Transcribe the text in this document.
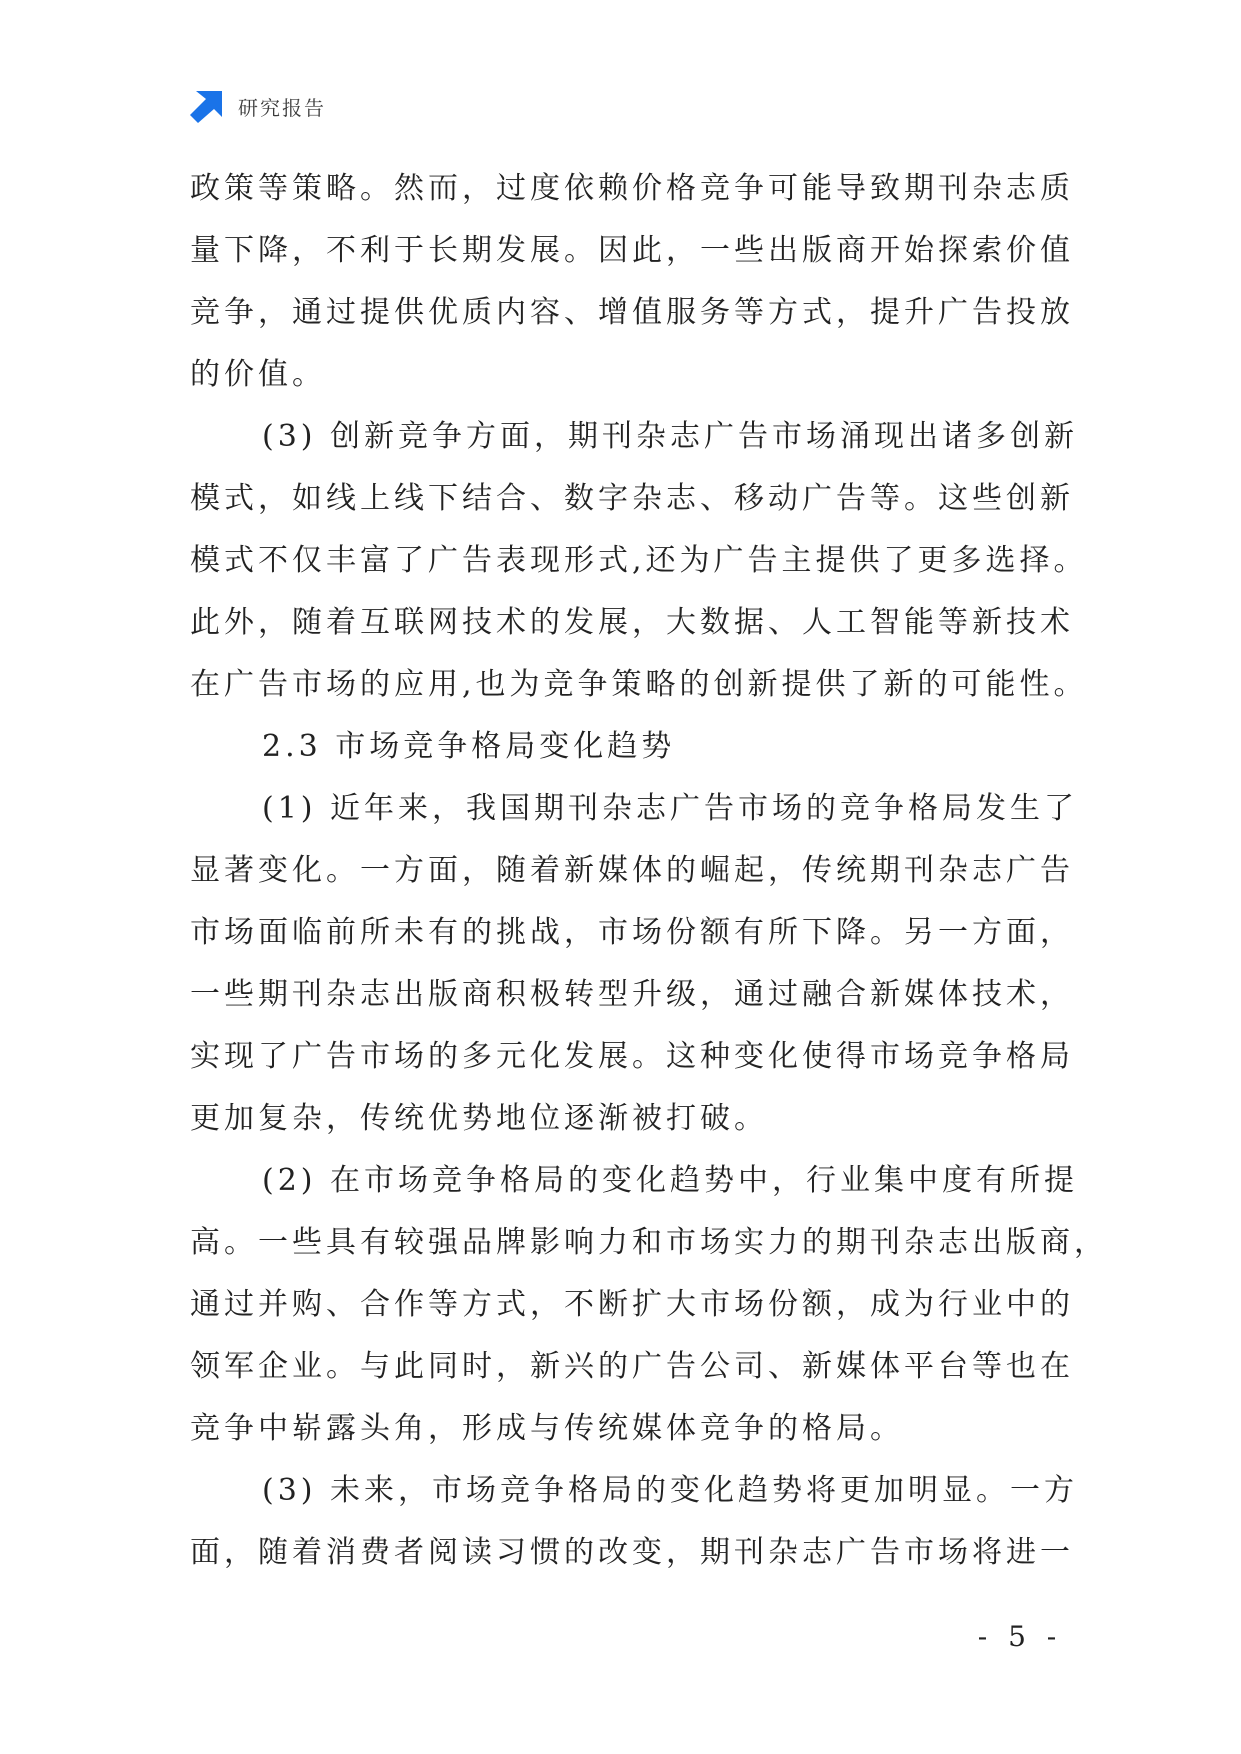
研究报告
政策等策略。然而，过度依赖价格竞争可能导致期刊杂志质
量下降，不利于长期发展。因此，一些出版商开始探索价值
竞争，通过提供优质内容、增值服务等方式，提升广告投放
的价值。
(3) 创新竞争方面，期刊杂志广告市场涌现出诸多创新
模式，如线上线下结合、数字杂志、移动广告等。这些创新
模式不仅丰富了广告表现形式,还为广告主提供了更多选择。
此外，随着互联网技术的发展，大数据、人工智能等新技术
在广告市场的应用,也为竞争策略的创新提供了新的可能性。
2.3 市场竞争格局变化趋势
(1) 近年来，我国期刊杂志广告市场的竞争格局发生了
显著变化。一方面，随着新媒体的崛起，传统期刊杂志广告
市场面临前所未有的挑战，市场份额有所下降。另一方面，
一些期刊杂志出版商积极转型升级，通过融合新媒体技术，
实现了广告市场的多元化发展。这种变化使得市场竞争格局
更加复杂，传统优势地位逐渐被打破。
(2) 在市场竞争格局的变化趋势中，行业集中度有所提
高。一些具有较强品牌影响力和市场实力的期刊杂志出版商，
通过并购、合作等方式，不断扩大市场份额，成为行业中的
领军企业。与此同时，新兴的广告公司、新媒体平台等也在
竞争中崭露头角，形成与传统媒体竞争的格局。
(3) 未来，市场竞争格局的变化趋势将更加明显。一方
面，随着消费者阅读习惯的改变，期刊杂志广告市场将进一
- 5 -
